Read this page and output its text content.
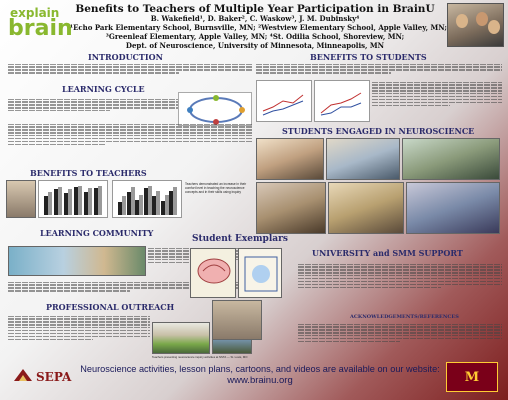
explain
brain
Benefits to Teachers of Multiple Year Participation in BrainU
B. Wakefield¹, D. Baker², C. Waskow³, J. M. Dubinsky⁴
¹Echo Park Elementary School, Burnsville, MN; ²Westview Elementary School, Apple Valley, MN;
³Greenleaf Elementary, Apple Valley, MN; ⁴St. Odilia School, Shoreview, MN;
Dept. of Neuroscience, University of Minnesota, Minneapolis, MN
INTRODUCTION
LEARNING CYCLE
BENEFITS TO TEACHERS
Teachers demonstrated an increase in their comfort level in teaching the neuroscience concepts and in their skills using inquiry
LEARNING COMMUNITY
PROFESSIONAL OUTREACH
Teachers presenting neuroscience inquiry activities at NSTA — St. Louis, MO
BENEFITS TO STUDENTS
STUDENTS ENGAGED IN NEUROSCIENCE
Student Exemplars
UNIVERSITY and SMM SUPPORT
ACKNOWLEDGEMENTS/REFERENCES
SEPA
Neuroscience activities, lesson plans, cartoons, and videos are available on our website:
www.brainu.org	M
